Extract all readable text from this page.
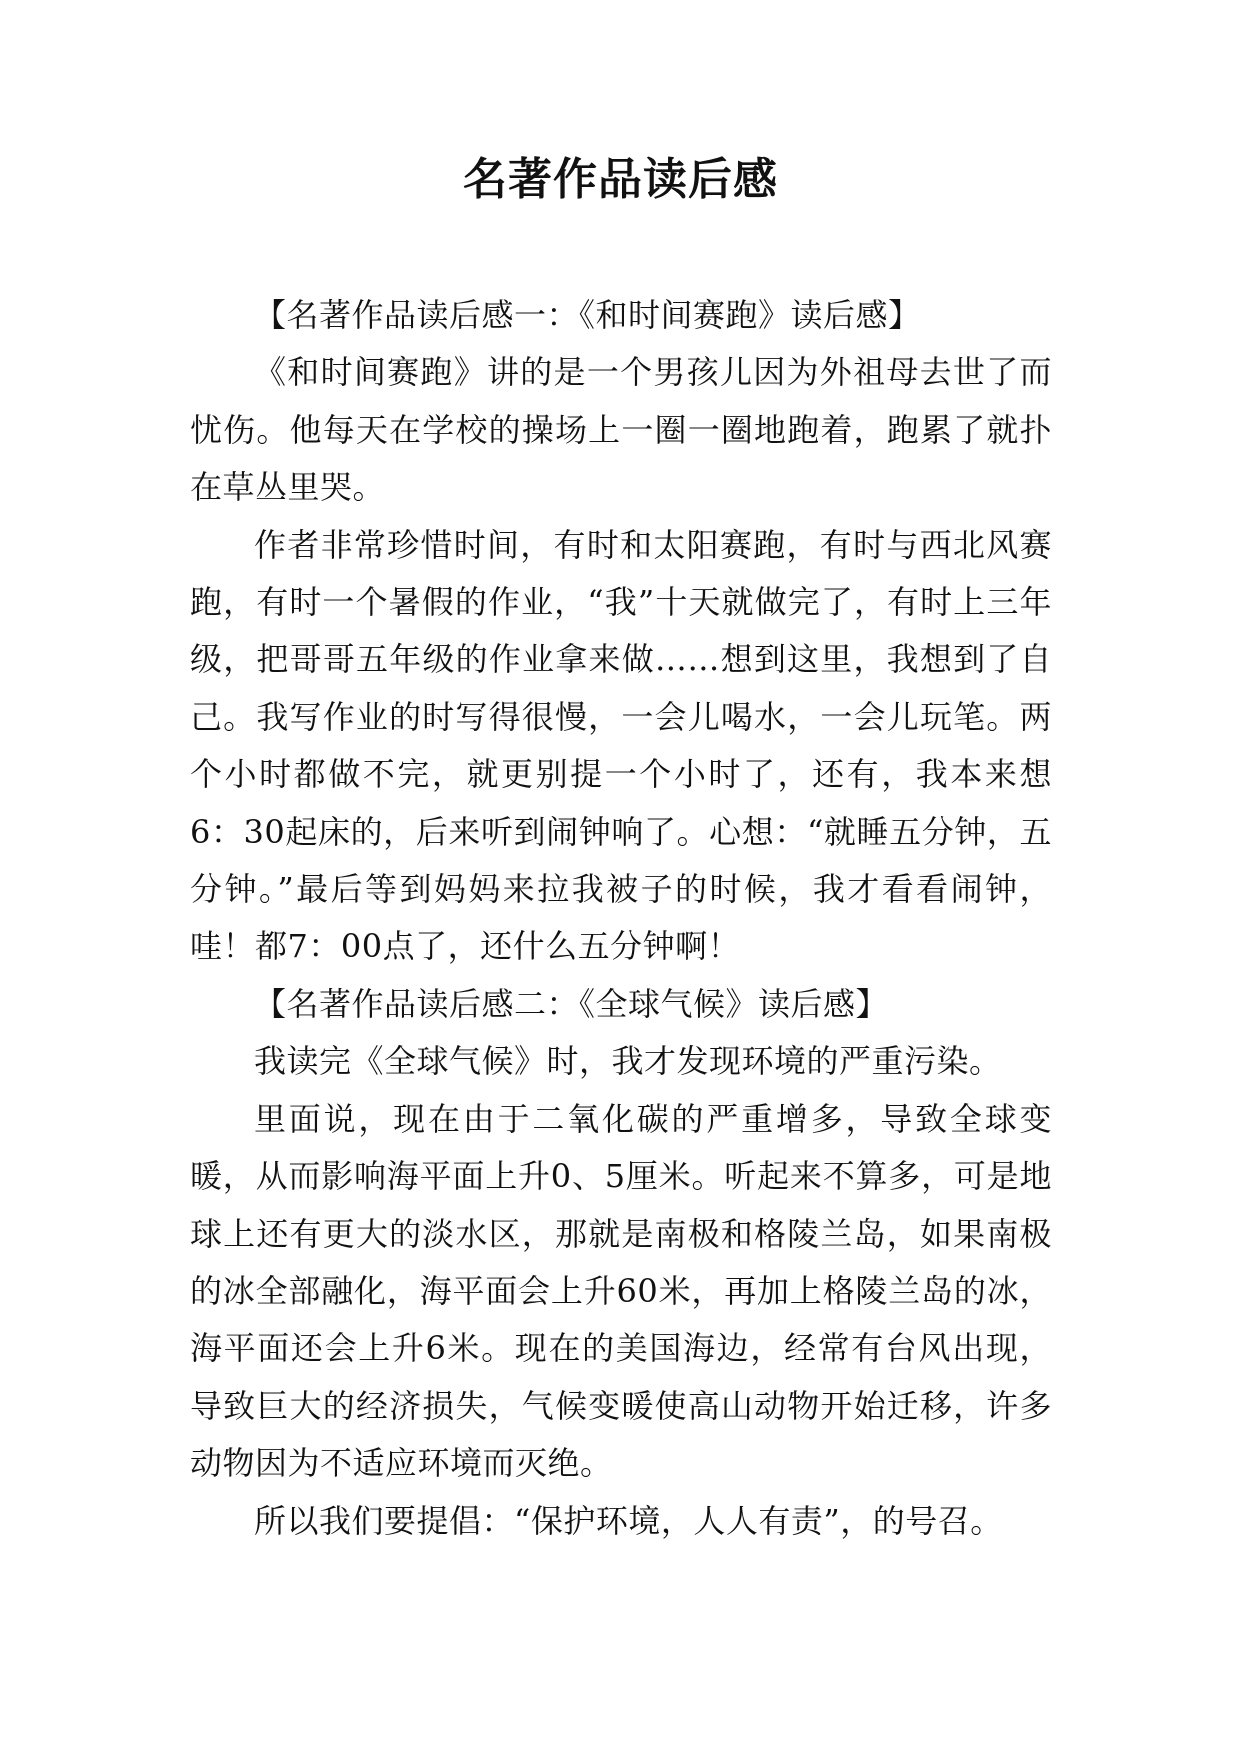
名著作品读后感

【名著作品读后感一：《和时间赛跑》读后感】

《和时间赛跑》讲的是一个男孩儿因为外祖母去世了而忧伤。他每天在学校的操场上一圈一圈地跑着，跑累了就扑在草丛里哭。

作者非常珍惜时间，有时和太阳赛跑，有时与西北风赛跑，有时一个暑假的作业，“我”十天就做完了，有时上三年级，把哥哥五年级的作业拿来做……想到这里，我想到了自己。我写作业的时写得很慢，一会儿喝水，一会儿玩笔。两个小时都做不完，就更别提一个小时了，还有，我本来想6：30起床的，后来听到闹钟响了。心想：“就睡五分钟，五分钟。”最后等到妈妈来拉我被子的时候，我才看看闹钟，哇！都7：00点了，还什么五分钟啊！

【名著作品读后感二：《全球气候》读后感】

我读完《全球气候》时，我才发现环境的严重污染。

里面说，现在由于二氧化碳的严重增多，导致全球变暖，从而影响海平面上升0、5厘米。听起来不算多，可是地球上还有更大的淡水区，那就是南极和格陵兰岛，如果南极的冰全部融化，海平面会上升60米，再加上格陵兰岛的冰，海平面还会上升6米。现在的美国海边，经常有台风出现，导致巨大的经济损失，气候变暖使高山动物开始迁移，许多动物因为不适应环境而灭绝。

所以我们要提倡：“保护环境，人人有责”，的号召。
